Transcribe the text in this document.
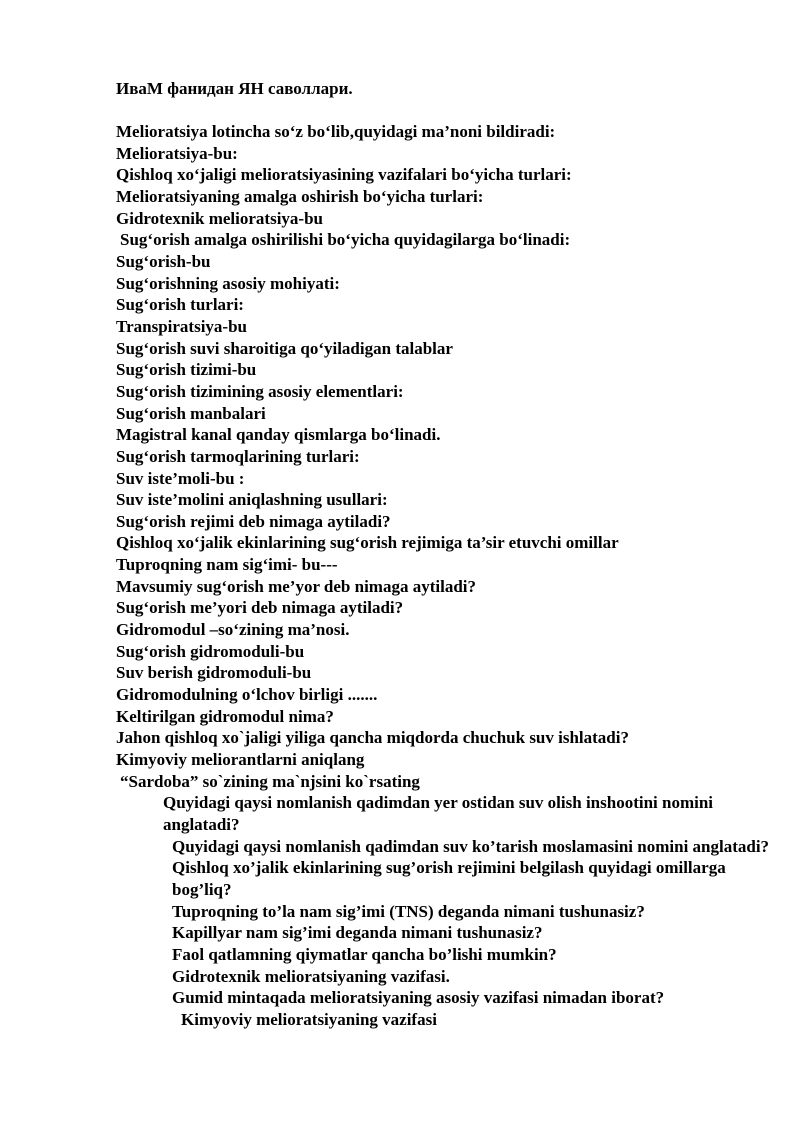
ИваМ фанидан ЯН саволлари.
Melioratsiya lotincha so‘z bo‘lib,quyidagi ma’noni bildiradi:
Melioratsiya-bu:
Qishloq xo‘jaligi melioratsiyasining vazifalari bo‘yicha turlari:
Melioratsiyaning amalga oshirish bo‘yicha turlari:
Gidrotexnik melioratsiya-bu
Sug‘orish amalga oshirilishi bo‘yicha quyidagilarga bo‘linadi:
Sug‘orish-bu
Sug‘orishning asosiy mohiyati:
Sug‘orish turlari:
Transpiratsiya-bu
Sug‘orish suvi sharoitiga qo‘yiladigan talablar
Sug‘orish tizimi-bu
Sug‘orish tizimining asosiy elementlari:
Sug‘orish manbalari
Magistral kanal qanday qismlarga bo‘linadi.
Sug‘orish tarmoqlarining turlari:
Suv iste’moli-bu :
Suv iste’molini aniqlashning usullari:
Sug‘orish rejimi deb nimaga aytiladi?
Qishloq xo‘jalik ekinlarining sug‘orish rejimiga ta’sir etuvchi omillar
Tuproqning nam sig‘imi- bu---
Mavsumiy sug‘orish me’yor deb nimaga aytiladi?
Sug‘orish me’yori deb nimaga aytiladi?
Gidromodul –so‘zining ma’nosi.
Sug‘orish gidromoduli-bu
Suv berish gidromoduli-bu
Gidromodulning o‘lchov birligi .......
Keltirilgan gidromodul nima?
Jahon qishloq xo`jaligi yiliga qancha miqdorda chuchuk suv ishlatadi?
Kimyoviy meliorantlarni aniqlang
“Sardoba” so`zining ma`njsini ko`rsating
Quyidagi qaysi nomlanish qadimdan yer ostidan suv olish inshootini nomini anglatadi?
Quyidagi qaysi nomlanish qadimdan suv ko’tarish moslamasini nomini anglatadi?
Qishloq xo’jalik ekinlarining sug’orish rejimini belgilash quyidagi omillarga bog’liq?
Tuproqning to’la nam sig’imi (TNS) deganda nimani tushunasiz?
Kapillyar nam sig’imi deganda nimani tushunasiz?
Faol qatlamning qiymatlar qancha bo’lishi mumkin?
Gidrotexnik melioratsiyaning vazifasi.
Gumid mintaqada melioratsiyaning asosiy vazifasi nimadan iborat?
Kimyoviy melioratsiyaning vazifasi
